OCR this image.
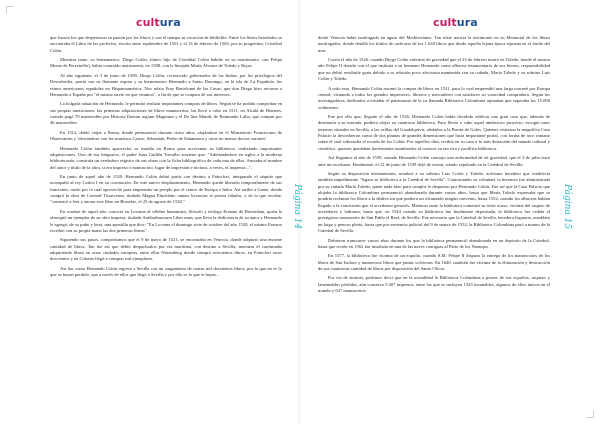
cultura

que fueron los que despertaron su pasión por los libros y con el tiempo su vocación de bibliófilo. Entre los libros heredados se encontraba el Libro de las profecías, escrito entre septiembre de 1501 y el 13 de febrero de 1504, por su progenitor, Cristóbal Colón.

Mientras tanto, su hermanastro, Diego Colón, (único hijo de Cristóbal Colón habido en su matrimonio, con Felipa Moniz de Perestrello), había contraído matrimonio, en 1508, con la linajuda María Álvarez de Toledo y Rojas.

Al año siguiente, el 3 de junio de 1509, Diego Colón, reconocido gobernador de las Indias, por los privilegios del Descubridor, partió con su flamante esposa y su hermanastro Hernando a Santo Domingo, en la isla de La Española, los reinos americanos españoles en Hispanoamérica. Nos relata Fray Bartolomé de las Casas, que don Diego hizo retornar a Hernando a España por "el mismo navío en que vinimos", a fin de que se ocupara de sus intereses.

La holgada situación de Hernando, le permitió realizar importantes compras de libros. Según se ha podido comprobar en sus propias anotaciones, las primeras adquisiciones de libros manuscritos, las llevó a cabo en 1511, en Alcalá de Henares, cuando pagó 70 maravedíes por Historia Iherum regium Magerum y el De fine Mundi, de Raimundo Lulio, que compró por 46 maravedíes.

En 1512, debió viajar a Roma, donde permaneció durante cinco años, alojándose en el Monasterio Franciscano de Observantes y 'educándose con los maestros Castro, Sebastián, Pedro de Salamanca y otros no menos doctos varones'.

Hernando Colón también aprovechó su estadía en Roma para acrecentar su biblioteca, realizando importantes adquisiciones. Uno de sus biógrafos, el padre Juan Guillén Torralbo sostiene que: "Adelantándose en siglos a la moderna biblioteconía, construía un verdadero registro de sus obras con la ficha bibliográfica de cada una de ellas: Anotaba el nombre del autor y título de la obra, si era impreso o manuscrito, lugar de impresión e incluso, a veces, el impresor...".

En junio de aquel año de 1520, Hernando Colón debió partir con destino a Fráncfort, integrando el séquito que acompañó al rey Carlos I en su coronación. En este nuevo desplazamiento, Hernando quedó liberado temporalmente de sus funciones, razón por la cual aprovechó para emprender un periplo por el centro de Europa e Italia. Así arribó a Gante, donde compró la obra de Conradi Thuricense, titulada Magna Elucidatio omnes hystorias et poetas fabulas, y de la que escribe, "comencé a leer y anotar este libro en Bruselas, el 25 de agosto de 1520."

En octubre de aquel año, conoció en Lovaina al célebre humanista, filósofo y teólogo Erasmo de Rotterdam, quien le obsequió un ejemplar de su obra impresa, titulada Antibarbarorum Liber unus, que lleva la dedicatoria de su autor y Hernando le agregó, de su puño y letra, una apostilla que dice: "En Lovaina el domingo siete de octubre del año 1520, el mismo Erasmo escribió con su propia mano las dos primeras líneas".

Siguiendo sus pasos, comprobamos que el 9 de mayo de 1521, se encontraba en Venecia, donde adquirió una enorme cantidad de libros. Tan fue así que debió despacharlos por vía marítima, con destino a Sevilla, mientras él continuaba adquiriendo libros en otras ciudades europeas, entre ellas Nüremberg donde compró seiscientos libros, en Fráncfort otros doscientos y en Colonia llegó a comprar mil ejemplares.

Así fue como Hernando Colón regresó a Sevilla con un cargamento de cuatro mil doscientos libros, por lo que no es lo que se hayan perdido, que a través de ellos que llegó a Sevilla y por ello es lo que te hayas...

Página 14
cultura

desde Venecia había naufragado en aguas del Mediterráneo. Tan triste noticia la testimonió en su Memorial de los libros naufragados, donde detalló los títulos de cada uno de los 1.638 libros que desde aquella lejana época reposan en el fondo del mar.

Corría el año de 1526, cuando Diego Colón enfermó de gravedad que el 23 de febrero murió en Toledo, donde el mismo año Felipe II dotado con el que instituía a su hermano Hernando como albacea testamentario de sus bienes, responsabilidad que no debió resultarle grata debido a su relación poco afectuosa mantenida con su cuñada, María Toledo y su sobrino Luis Colón y Toledo.

A todo esto, Hernando Colón retomó la compra de libros en 1531, para lo cual emprendió una larga tourneé por Europa central, visitando a todos los grandes impresores, libreros y mercaderes con satisfacer su voracidad compradora. Según los investigadores, dedicados a estudiar el patrimonio de la ya llamada Biblioteca Colombina opinaban que superaba los 15.000 volúmenes.

Fue por ello que, llegado el año de 1526, Hernando Colón había decidido edificar una gran casa que, además de destinarla a su morada, pudiera alojar su cuantiosa biblioteca. Para llevar a cabo aquel ambicioso proyecto, escogió unos terrenos situados en Sevilla, a las orillas del Guadalquivir, aledaños a la Puerta de Goles. Quienes visitaron la magnífica Casa Palacio la describieron como de dos plantas de grandes dimensiones que lucía importante portal, con forma de arco romano sobre el cual sobresalía el escudo de los Colón. Por aquellos días, recibía en su casa a lo más destacado del mundo cultural y científico, quienes quedaban fuertemente asombrados al conocer su tan rica y prolífica biblioteca.

Así llegamos al año de 1539, cuando Hernando Colón contrajo una enfermedad de tal gravedad, que el 3 de julio testó ante un escribano. Finalmente, el 12 de junio de 1539 dejó de existir, siendo sepultado en la Catedral de Sevilla.

Según su disposición testamentaria, nombró a su sobrino Luis Colón y Toledo, acérrimo heredero que establecía también impedimento "legara su biblioteca a la Catedral de Sevilla". Contrariando su voluntad, la herencia fue administrada por su cuñada María Toledo, quien nada hizo para cumplir lo dispuesto por Hernando Colón. Fue así que la Casa Palacio que alojaba la biblioteca Colombina permaneció abandonada durante varios años, hasta que María Toledo expresaba que se pondría reclamar los libros a la dádiva sin que pudiera ser alcanzado ningún convenio, hasta 1552, cuando los albaceas habían llegado a la conclusión que el arcedeano genovés. Mientras tanto la biblioteca comenzó su triste ocaso, víctima del saqueo de acreedores y ladrones, hasta que, en 1544 cuando su biblioteca fue finalmente depositada, la biblioteca fue cedida al prestigioso monasterio de San Pablo el Real, de Sevilla. Fue necesario que la Catedral de Sevilla, heredera legataria, entablara un largo y penoso pleito, hasta que por sentencia judicial del 9 de marzo de 1552, la Biblioteca Colombina pasó a manos de la Catedral de Sevilla.

Debieron transcurrir varios años durante los que la biblioteca permaneció abandonada en un depósito de la Catedral, hasta que recién en 1562 fue instalada en una de las naves contiguas al Patio de los Naranjos.

En 1577, la biblioteca fue víctima de un expolio, cuando S.M. Felipe II dispuso la entrega de los manuscritos de los libros de San Isidoro y numerosos libros que jamás volvieron. En 1640, también fue víctima de la eliminación y destrucción de sus cuantiosas cantidad de libros por disposición del Santo Oficio.

Por vía de síntesis, podemos decir que en la actualidad la Biblioteca Colombina a poseer de sus expolios, saqueos y lamentables pérdidas, aún conserva 5.407 impresos, entre los que se incluyen 1323 incunables, algunos de ellos únicos en el mundo y 637 manuscritos.

Página 15
